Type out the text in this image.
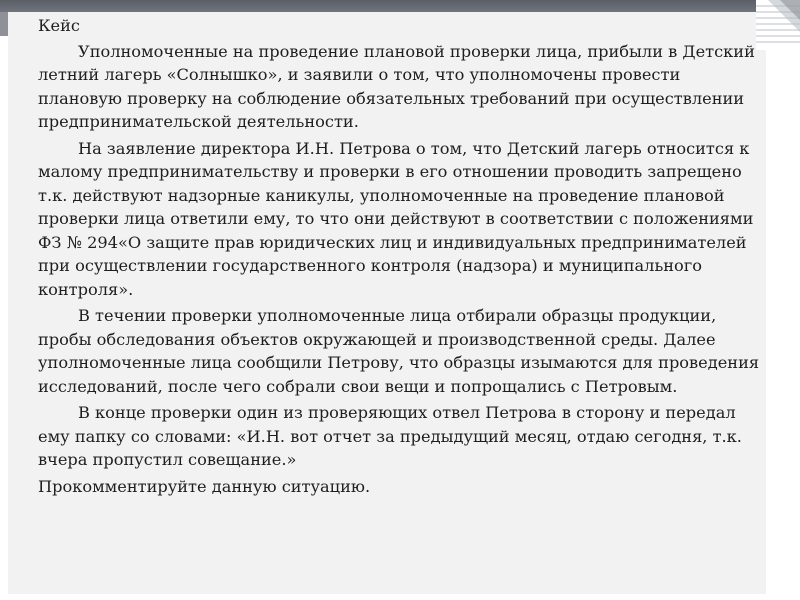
Кейс

Уполномоченные на проведение плановой проверки лица, прибыли в Детский летний лагерь «Солнышко», и заявили о том, что уполномочены провести плановую проверку на соблюдение обязательных требований при осуществлении предпринимательской деятельности.

На заявление директора И.Н. Петрова о том, что Детский лагерь относится к малому предпринимательству и проверки в его отношении проводить запрещено т.к. действуют надзорные каникулы, уполномоченные на проведение плановой проверки лица ответили ему, то что они действуют в соответствии с положениями ФЗ № 294«О защите прав юридических лиц и индивидуальных предпринимателей при осуществлении государственного контроля (надзора) и муниципального контроля».

В течении проверки уполномоченные лица отбирали образцы продукции, пробы обследования объектов окружающей и производственной среды. Далее уполномоченные лица сообщили Петрову, что образцы изымаются для проведения исследований, после чего собрали свои вещи и попрощались с Петровым.

В конце проверки один из проверяющих отвел Петрова в сторону и передал ему папку со словами: «И.Н. вот отчет за предыдущий месяц, отдаю сегодня, т.к. вчера пропустил совещание.»

Прокомментируйте данную ситуацию.
